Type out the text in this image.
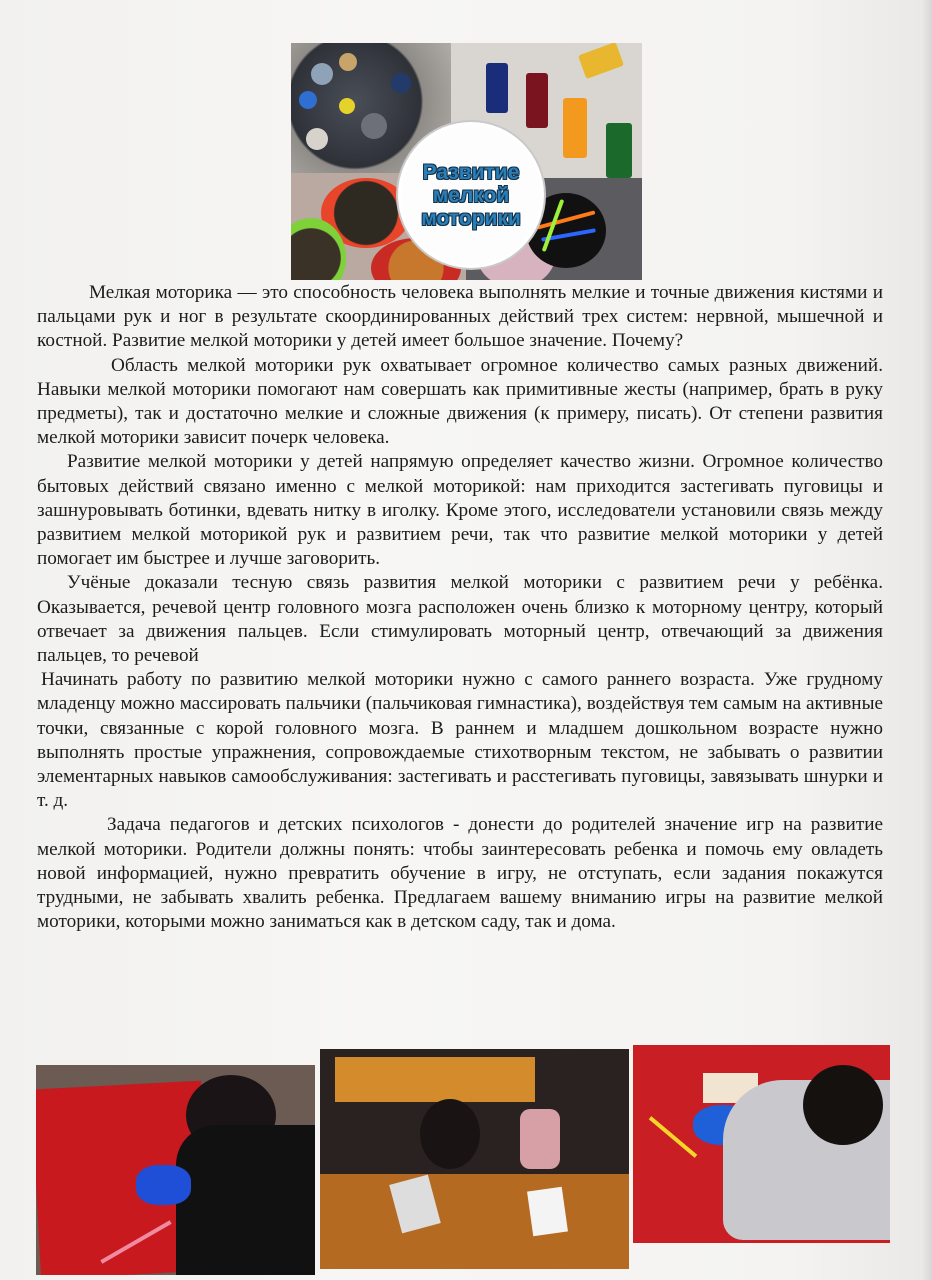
Развитие
мелкой
моторики

Мелкая моторика — это способность человека выполнять мелкие и точные движения кистями и пальцами рук и ног в результате скоординированных действий трех систем: нервной, мышечной и костной. Развитие мелкой моторики у детей имеет большое значение. Почему?

Область мелкой моторики рук охватывает огромное количество самых разных движений. Навыки мелкой моторики помогают нам совершать как примитивные жесты (например, брать в руку предметы), так и достаточно мелкие и сложные движения (к примеру, писать). От степени развития мелкой моторики зависит почерк человека.

Развитие мелкой моторики у детей напрямую определяет качество жизни. Огромное количество бытовых действий связано именно с мелкой моторикой: нам приходится застегивать пуговицы и зашнуровывать ботинки, вдевать нитку в иголку. Кроме этого, исследователи установили связь между развитием мелкой моторикой рук и развитием речи, так что развитие мелкой моторики у детей помогает им быстрее и лучше заговорить.

Учёные доказали тесную связь развития мелкой моторики с развитием речи у ребёнка. Оказывается, речевой центр головного мозга расположен очень близко к моторному центру, который отвечает за движения пальцев. Если стимулировать моторный центр, отвечающий за движения пальцев, то речевой

Начинать работу по развитию мелкой моторики нужно с самого раннего возраста. Уже грудному младенцу можно массировать пальчики (пальчиковая гимнастика), воздействуя тем самым на активные точки, связанные с корой головного мозга. В раннем и младшем дошкольном возрасте нужно выполнять простые упражнения, сопровождаемые стихотворным текстом, не забывать о развитии элементарных навыков самообслуживания: застегивать и расстегивать пуговицы, завязывать шнурки и т. д.

Задача педагогов и детских психологов - донести до родителей значение игр на развитие мелкой моторики. Родители должны понять: чтобы заинтересовать ребенка и помочь ему овладеть новой информацией, нужно превратить обучение в игру, не отступать, если задания покажутся трудными, не забывать хвалить ребенка. Предлагаем вашему вниманию игры на развитие мелкой моторики, которыми можно заниматься как в детском саду, так и дома.
